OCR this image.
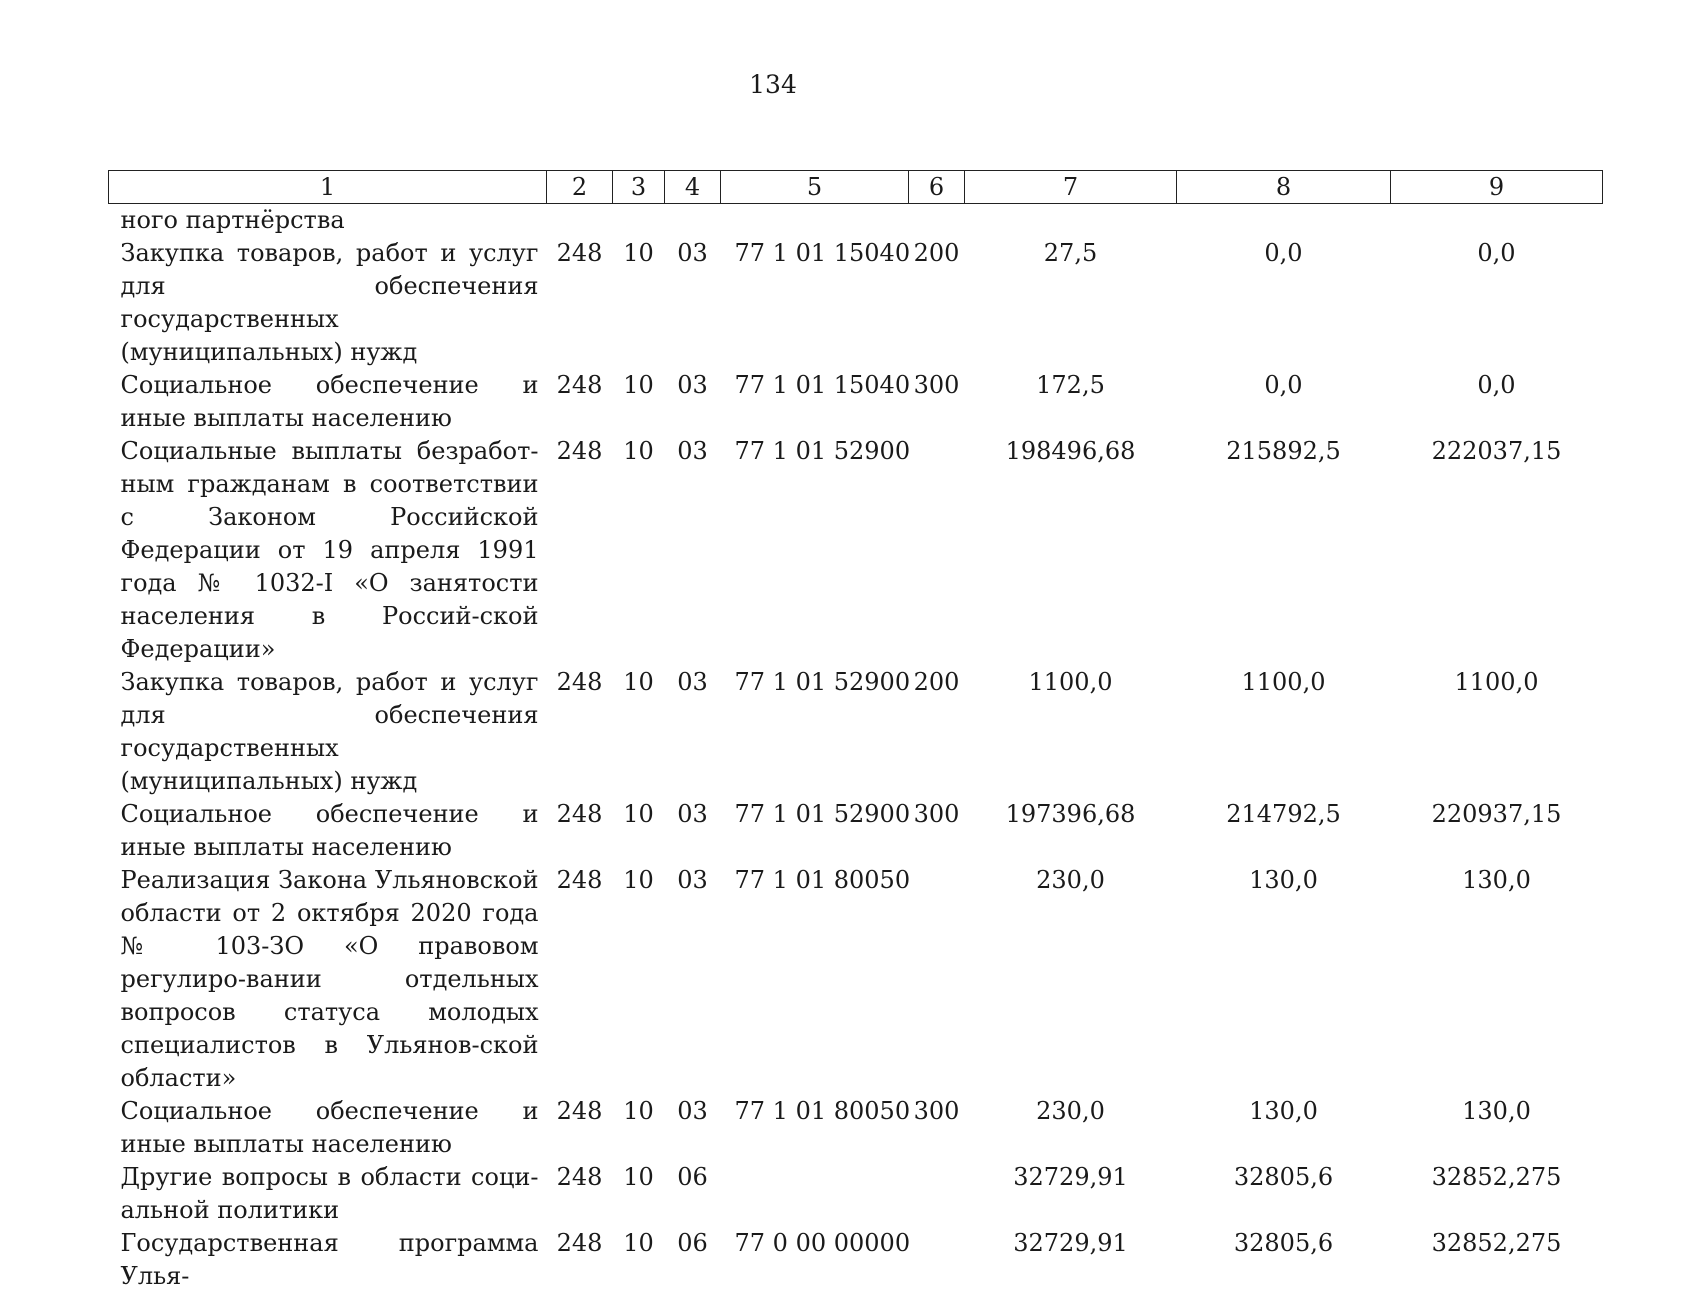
134
1	2	3	4	5	6	7	8	9
ного партнёрства								
Закупка товаров, работ и услуг для обеспечения государственных (муниципальных) нужд	248	10	03	77 1 01 15040	200	27,5	0,0	0,0
Социальное обеспечение и иные выплаты населению	248	10	03	77 1 01 15040	300	172,5	0,0	0,0
Социальные выплаты безработ-ным гражданам в соответствии с Законом Российской Федерации от 19 апреля 1991 года № 1032-I «О занятости населения в Россий-ской Федерации»	248	10	03	77 1 01 52900		198496,68	215892,5	222037,15
Закупка товаров, работ и услуг для обеспечения государственных (муниципальных) нужд	248	10	03	77 1 01 52900	200	1100,0	1100,0	1100,0
Социальное обеспечение и иные выплаты населению	248	10	03	77 1 01 52900	300	197396,68	214792,5	220937,15
Реализация Закона Ульяновской области от 2 октября 2020 года № 103-ЗО «О правовом регулиро-вании отдельных вопросов статуса молодых специалистов в Ульянов-ской области»	248	10	03	77 1 01 80050		230,0	130,0	130,0
Социальное обеспечение и иные выплаты населению	248	10	03	77 1 01 80050	300	230,0	130,0	130,0
Другие вопросы в области соци-альной политики	248	10	06			32729,91	32805,6	32852,275
Государственная программа Улья-	248	10	06	77 0 00 00000		32729,91	32805,6	32852,275
